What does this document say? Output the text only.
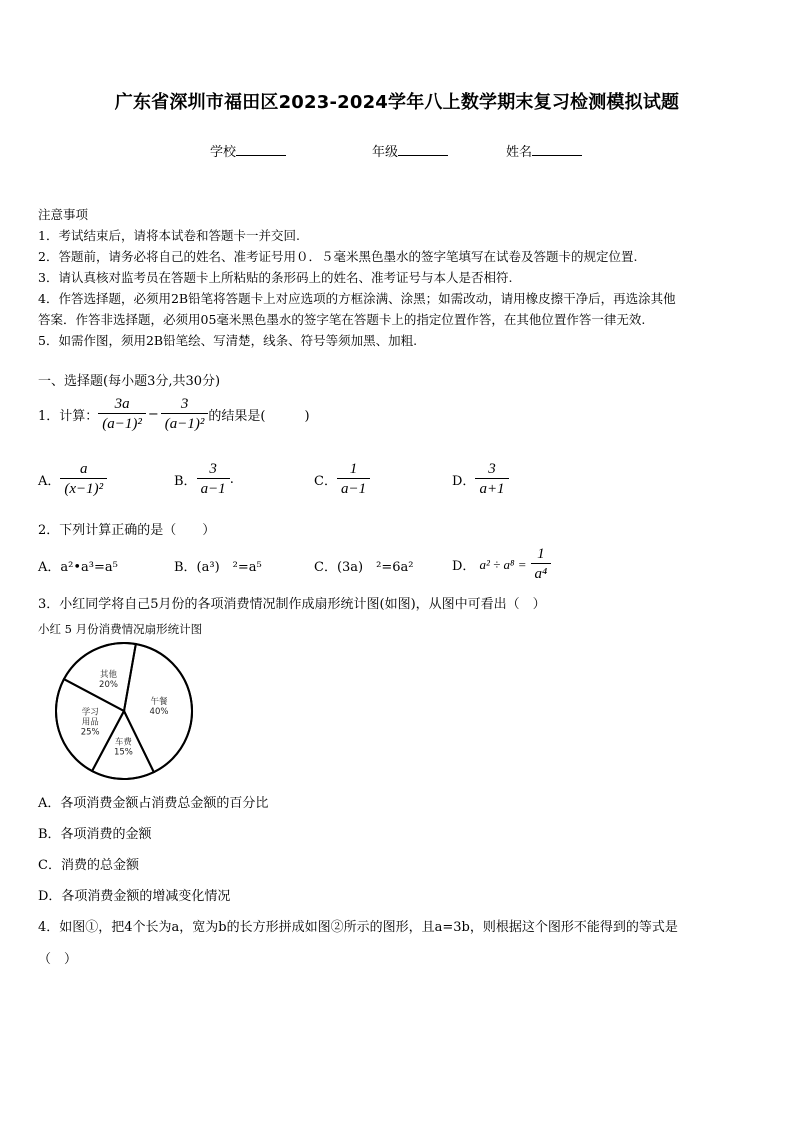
广东省深圳市福田区2023-2024学年八上数学期末复习检测模拟试题
学校	年级	姓名
注意事项
1．考试结束后，请将本试卷和答题卡一并交回.
2．答题前，请务必将自己的姓名、准考证号用０．５毫米黑色墨水的签字笔填写在试卷及答题卡的规定位置.
3．请认真核对监考员在答题卡上所粘贴的条形码上的姓名、准考证号与本人是否相符.
4．作答选择题，必须用2B铅笔将答题卡上对应选项的方框涂满、涂黑；如需改动，请用橡皮擦干净后，再选涂其他
答案．作答非选择题，必须用05毫米黑色墨水的签字笔在答题卡上的指定位置作答，在其他位置作答一律无效.
5．如需作图，须用2B铅笔绘、写清楚，线条、符号等须加黑、加粗.
一、选择题(每小题3分,共30分)
1．计算： $\frac{3a}{\text{(a−1)²}} - \frac{3}{\text{(a−1)²}}$ 的结果是(　　　)
A． $\frac{a}{\text{(x−1)²}}$	B． $\frac{3}{a-1}$ .	C． $\frac{1}{a-1}$	D． $\frac{3}{a+1}$
2．下列计算正确的是（　　）
A．a²•a³=a⁵	B．(a³)　²=a⁵	C．(3a)　²=6a²	D． $a^2 \div a^8 = \frac{1}{\text{a⁴}}$
3．小红同学将自己5月份的各项消费情况制作成扇形统计图(如图)，从图中可看出（　）
小红 5 月份消费情况扇形统计图
午餐 40%
车费 15%
学习用品 25%
其他 20%
A．各项消费金额占消费总金额的百分比
B．各项消费的金额
C．消费的总金额
D．各项消费金额的增减变化情况
4．如图①，把4个长为a，宽为b的长方形拼成如图②所示的图形，且a=3b，则根据这个图形不能得到的等式是
（　）
